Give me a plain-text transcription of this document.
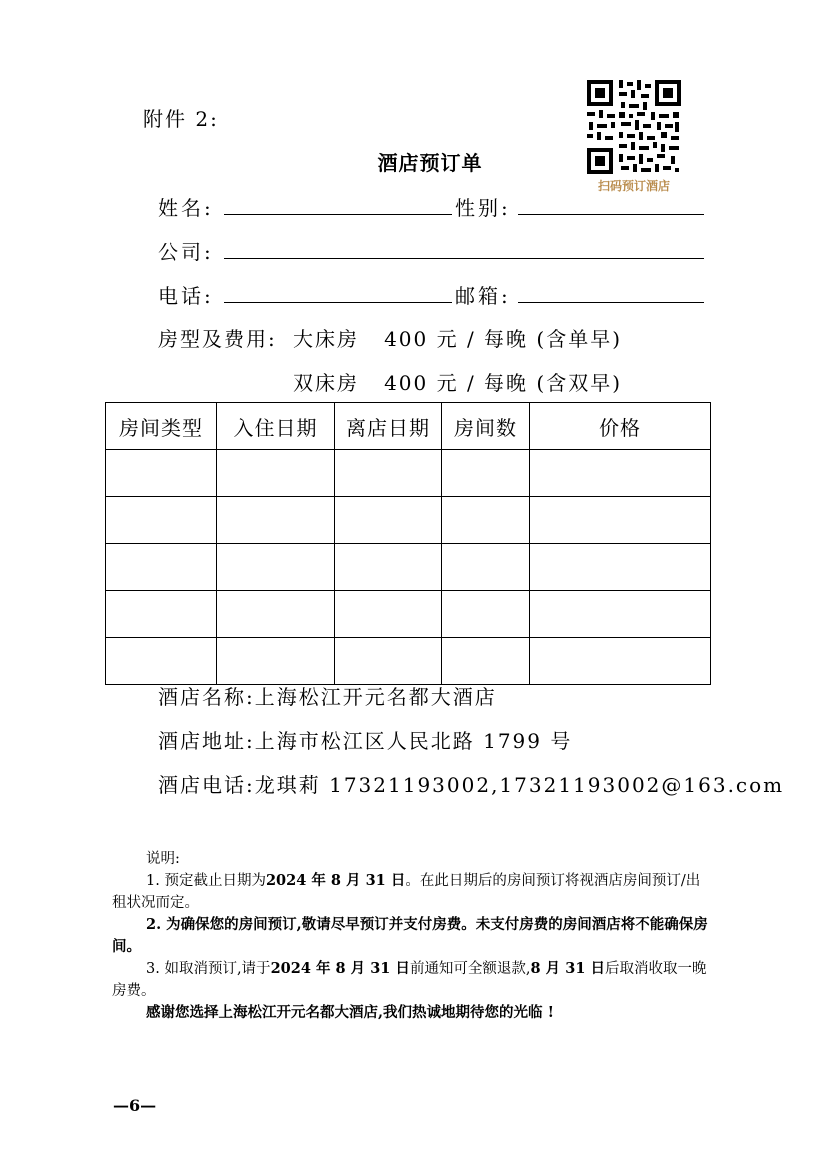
附件 2:
酒店预订单
扫码预订酒店
姓名:	性别:
公司:
电话:	邮箱:
房型及费用: 大床房   400 元 / 每晚 (含单早)
双床房   400 元 / 每晚 (含双早)
房间类型	入住日期	离店日期	房间数	价格

酒店名称:上海松江开元名都大酒店
酒店地址:上海市松江区人民北路 1799 号
酒店电话:龙琪莉 17321193002,17321193002@163.com

说明:

1. 预定截止日期为2024 年 8 月 31 日。在此日期后的房间预订将视酒店房间预订/出租状况而定。

2. 为确保您的房间预订,敬请尽早预订并支付房费。未支付房费的房间酒店将不能确保房间。

3. 如取消预订,请于2024 年 8 月 31 日前通知可全额退款,8 月 31 日后取消收取一晚房费。

感谢您选择上海松江开元名都大酒店,我们热诚地期待您的光临 !

—6—
